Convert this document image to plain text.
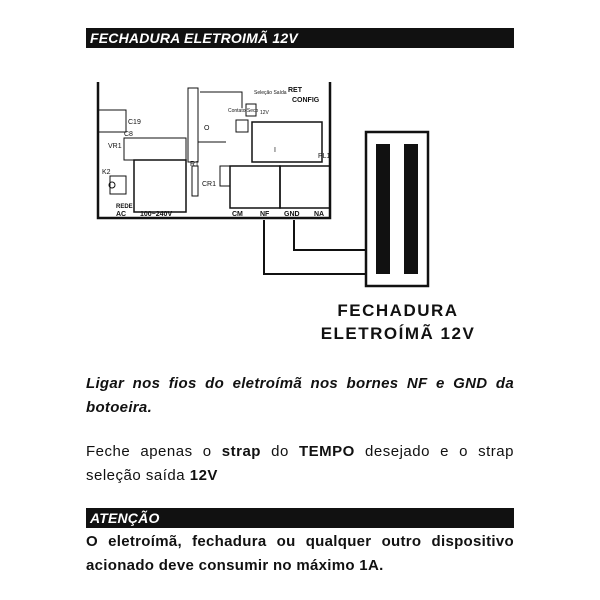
FECHADURA ELETROIMÃ 12V
RET
CONFIG
C19
C8
VR1
K2
O
R1
CR1
PL1
I
Seleção Saída
Contato Seco 12V
REDE
AC 100~240V	CM NF GND NA
FECHADURA
ELETROÍMÃ 12V
Ligar nos fios do eletroímã nos bornes NF e GND da botoeira.
Feche apenas o strap do TEMPO desejado e o strap seleção saída 12V
ATENÇÃO
O eletroímã, fechadura ou qualquer outro dispositivo acionado deve consumir no máximo 1A.
